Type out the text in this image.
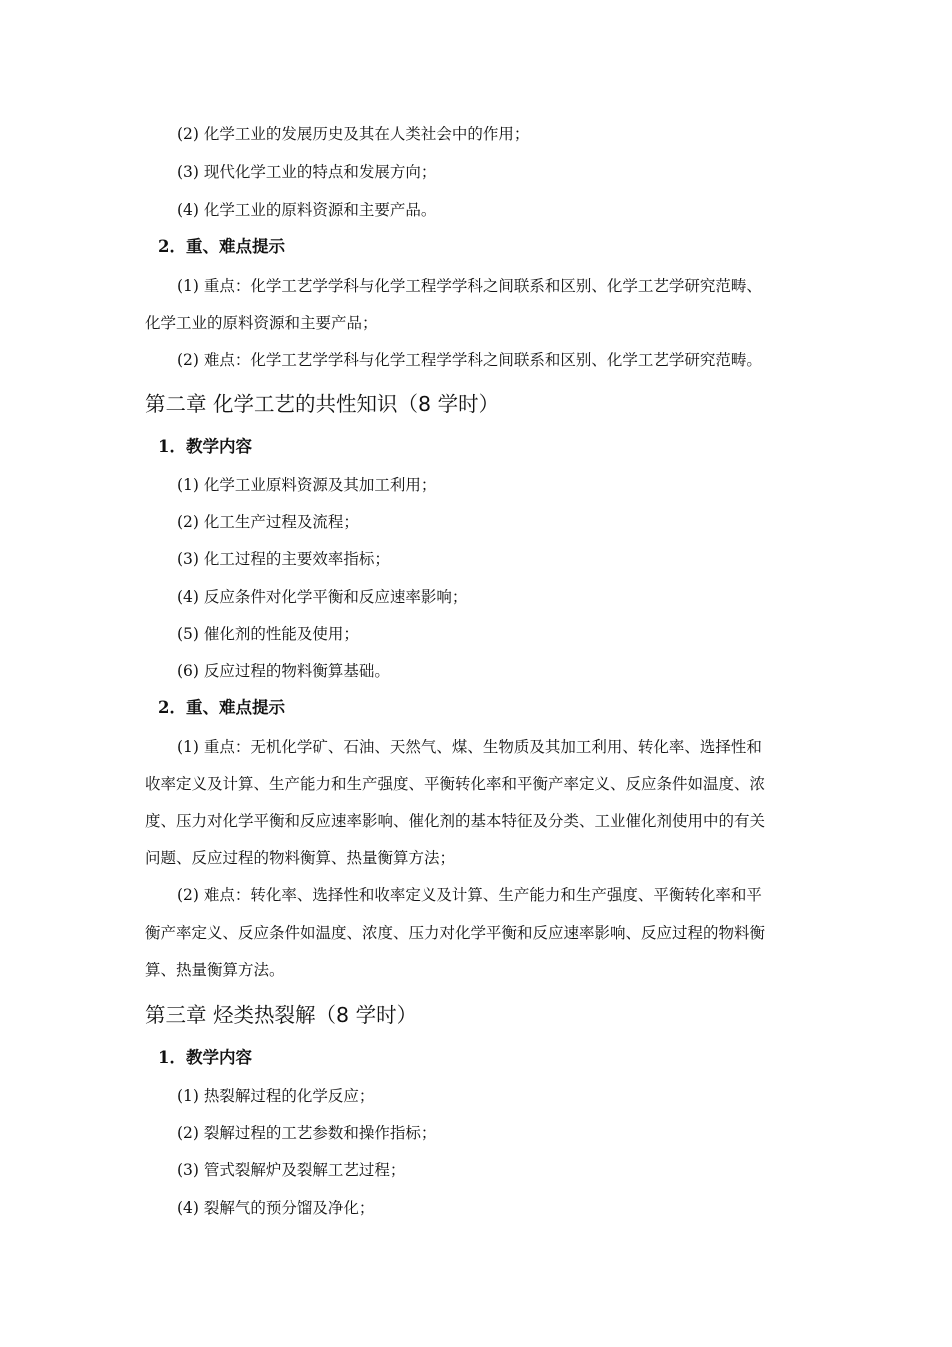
(2) 化学工业的发展历史及其在人类社会中的作用；
(3) 现代化学工业的特点和发展方向；
(4) 化学工业的原料资源和主要产品。
2．重、难点提示
(1) 重点：化学工艺学学科与化学工程学学科之间联系和区别、化学工艺学研究范畴、
化学工业的原料资源和主要产品；
(2) 难点：化学工艺学学科与化学工程学学科之间联系和区别、化学工艺学研究范畴。
第二章 化学工艺的共性知识（8 学时）
1．教学内容
(1) 化学工业原料资源及其加工利用；
(2) 化工生产过程及流程；
(3) 化工过程的主要效率指标；
(4) 反应条件对化学平衡和反应速率影响；
(5) 催化剂的性能及使用；
(6) 反应过程的物料衡算基础。
2．重、难点提示
(1) 重点：无机化学矿、石油、天然气、煤、生物质及其加工利用、转化率、选择性和
收率定义及计算、生产能力和生产强度、平衡转化率和平衡产率定义、反应条件如温度、浓
度、压力对化学平衡和反应速率影响、催化剂的基本特征及分类、工业催化剂使用中的有关
问题、反应过程的物料衡算、热量衡算方法；
(2) 难点：转化率、选择性和收率定义及计算、生产能力和生产强度、平衡转化率和平
衡产率定义、反应条件如温度、浓度、压力对化学平衡和反应速率影响、反应过程的物料衡
算、热量衡算方法。
第三章 烃类热裂解（8 学时）
1．教学内容
(1) 热裂解过程的化学反应；
(2) 裂解过程的工艺参数和操作指标；
(3) 管式裂解炉及裂解工艺过程；
(4) 裂解气的预分馏及净化；
